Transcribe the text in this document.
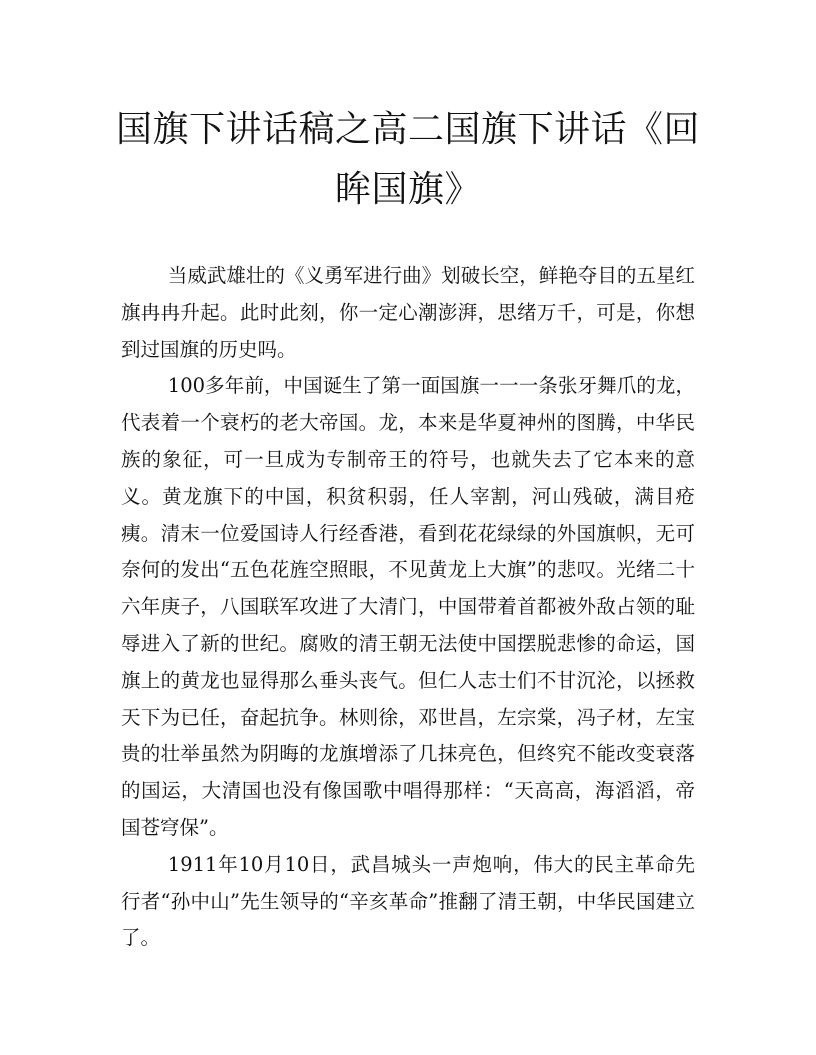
国旗下讲话稿之高二国旗下讲话《回眸国旗》

当威武雄壮的《义勇军进行曲》划破长空，鲜艳夺目的五星红旗冉冉升起。此时此刻，你一定心潮澎湃，思绪万千，可是，你想到过国旗的历史吗。

100多年前，中国诞生了第一面国旗一一一条张牙舞爪的龙，代表着一个衰朽的老大帝国。龙，本来是华夏神州的图腾，中华民族的象征，可一旦成为专制帝王的符号，也就失去了它本来的意义。黄龙旗下的中国，积贫积弱，任人宰割，河山残破，满目疮痍。清末一位爱国诗人行经香港，看到花花绿绿的外国旗帜，无可奈何的发出“五色花旌空照眼，不见黄龙上大旗”的悲叹。光绪二十六年庚子，八国联军攻进了大清门，中国带着首都被外敌占领的耻辱进入了新的世纪。腐败的清王朝无法使中国摆脱悲惨的命运，国旗上的黄龙也显得那么垂头丧气。但仁人志士们不甘沉沦，以拯救天下为已任，奋起抗争。林则徐，邓世昌，左宗棠，冯子材，左宝贵的壮举虽然为阴晦的龙旗增添了几抹亮色，但终究不能改变衰落的国运，大清国也没有像国歌中唱得那样：“天高高，海滔滔，帝国苍穹保”。

1911年10月10日，武昌城头一声炮响，伟大的民主革命先行者“孙中山”先生领导的“辛亥革命”推翻了清王朝，中华民国建立了。
